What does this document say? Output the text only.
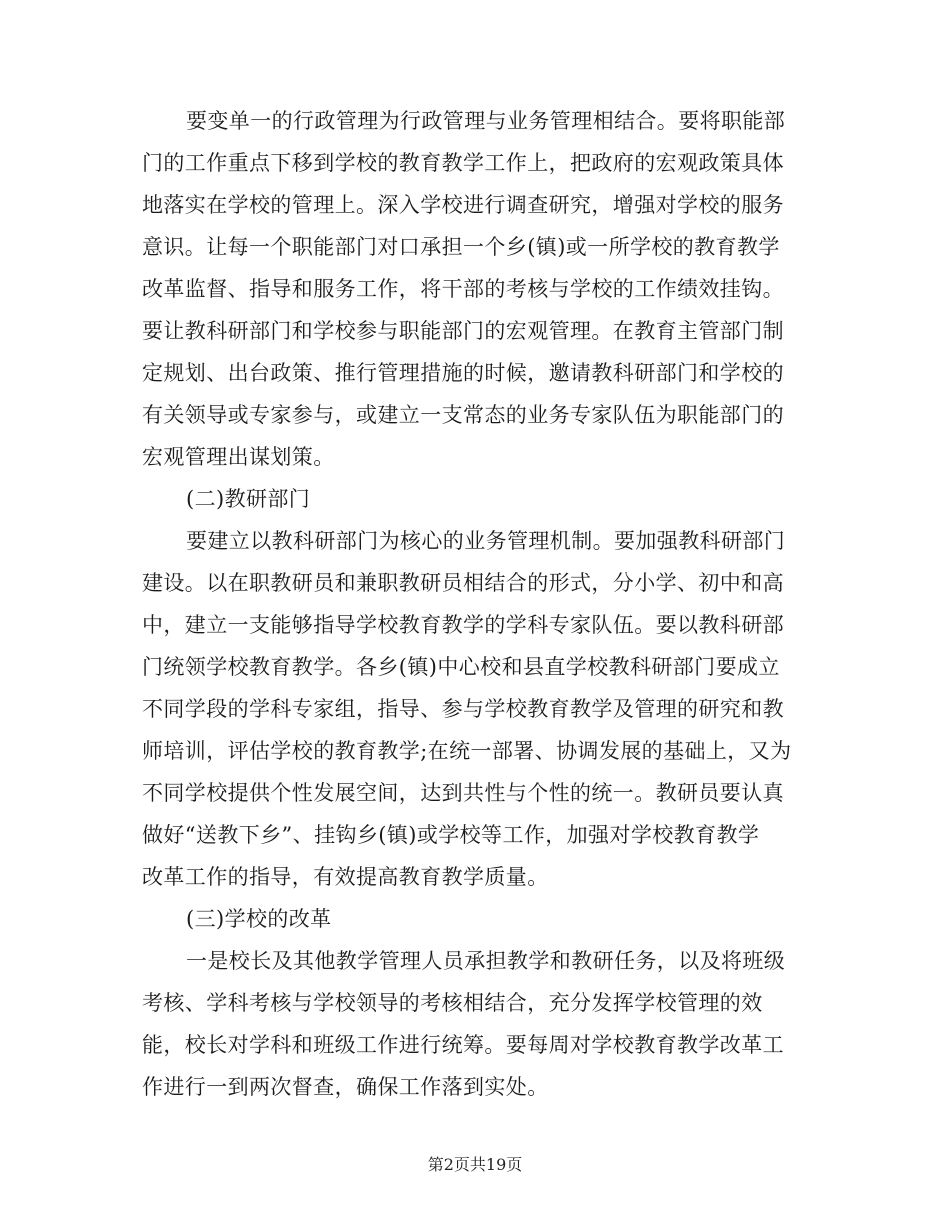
要变单一的行政管理为行政管理与业务管理相结合。要将职能部
门的工作重点下移到学校的教育教学工作上，把政府的宏观政策具体
地落实在学校的管理上。深入学校进行调查研究，增强对学校的服务
意识。让每一个职能部门对口承担一个乡(镇)或一所学校的教育教学
改革监督、指导和服务工作，将干部的考核与学校的工作绩效挂钩。
要让教科研部门和学校参与职能部门的宏观管理。在教育主管部门制
定规划、出台政策、推行管理措施的时候，邀请教科研部门和学校的
有关领导或专家参与，或建立一支常态的业务专家队伍为职能部门的
宏观管理出谋划策。
(二)教研部门
要建立以教科研部门为核心的业务管理机制。要加强教科研部门
建设。以在职教研员和兼职教研员相结合的形式，分小学、初中和高
中，建立一支能够指导学校教育教学的学科专家队伍。要以教科研部
门统领学校教育教学。各乡(镇)中心校和县直学校教科研部门要成立
不同学段的学科专家组，指导、参与学校教育教学及管理的研究和教
师培训，评估学校的教育教学;在统一部署、协调发展的基础上，又为
不同学校提供个性发展空间，达到共性与个性的统一。教研员要认真
做好“送教下乡”、挂钩乡(镇)或学校等工作，加强对学校教育教学
改革工作的指导，有效提高教育教学质量。
(三)学校的改革
一是校长及其他教学管理人员承担教学和教研任务，以及将班级
考核、学科考核与学校领导的考核相结合，充分发挥学校管理的效
能，校长对学科和班级工作进行统筹。要每周对学校教育教学改革工
作进行一到两次督查，确保工作落到实处。
第2页共19页
